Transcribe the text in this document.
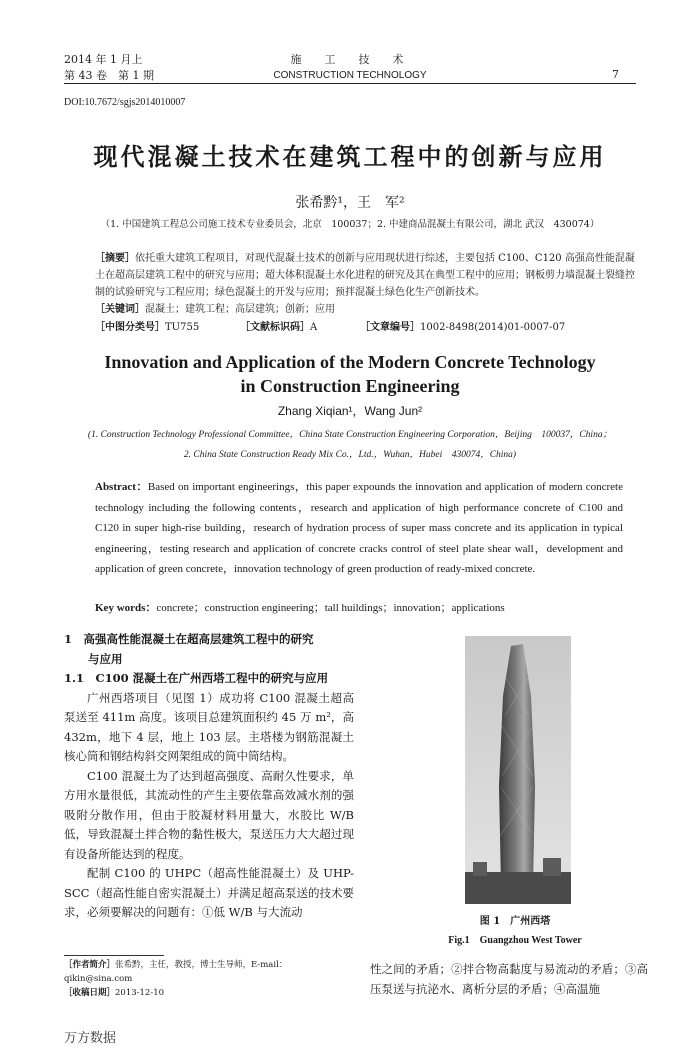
2014 年 1 月上
第 43 卷　第 1 期
施　工　技　术
CONSTRUCTION TECHNOLOGY	7
DOI:10.7672/sgjs2014010007
现代混凝土技术在建筑工程中的创新与应用
张希黔¹，王　军²
（1. 中国建筑工程总公司施工技术专业委员会，北京　100037；2. 中建商品混凝土有限公司，湖北 武汉　430074）

［摘要］依托重大建筑工程项目，对现代混凝土技术的创新与应用现状进行综述，主要包括 C100、C120 高强高性能混凝土在超高层建筑工程中的研究与应用；超大体积混凝土水化进程的研究及其在典型工程中的应用；钢板剪力墙混凝土裂缝控制的试验研究与工程应用；绿色混凝土的开发与应用；预拌混凝土绿色化生产创新技术。

［关键词］混凝土；建筑工程；高层建筑；创新；应用

［中图分类号］ TU755	［文献标识码］ A	［文章编号］ 1002-8498(2014)01-0007-07
Innovation and Application of the Modern Concrete Technology
in Construction Engineering
Zhang Xiqian¹，Wang Jun²
(1. Construction Technology Professional Committee，China State Construction Engineering Corporation，Beijing　100037，China；
2. China State Construction Ready Mix Co.，Ltd.，Wuhan，Hubei　430074，China)
Abstract：Based on important engineerings，this paper expounds the innovation and application of modern concrete technology including the following contents，research and application of high performance concrete of C100 and C120 in super high-rise building，research of hydration process of super mass concrete and its application in typical engineering，testing research and application of concrete cracks control of steel plate shear wall，development and application of green concrete，innovation technology of green production of ready-mixed concrete.
Key words：concrete；construction engineering；tall huildings；innovation；applications

1　高强高性能混凝土在超高层建筑工程中的研究

与应用

1.1　C100 混凝土在广州西塔工程中的研究与应用

广州西塔项目（见图 1）成功将 C100 混凝土超高泵送至 411m 高度。该项目总建筑面积约 45 万 m²，高 432m，地下 4 层，地上 103 层。主塔楼为钢筋混凝土核心筒和钢结构斜交网架组成的筒中筒结构。

C100 混凝土为了达到超高强度、高耐久性要求，单方用水量很低，其流动性的产生主要依靠高效减水剂的强吸附分散作用，但由于胶凝材料用量大，水胶比 W/B 低，导致混凝土拌合物的黏性极大，泵送压力大大超过现有设备所能达到的程度。

配制 C100 的 UHPC（超高性能混凝土）及 UHP-SCC（超高性能自密实混凝土）并满足超高泵送的技术要求，必须要解决的问题有：①低 W/B 与大流动

［作者简介］张希黔，主任，教授，博士生导师，E-mail：qikin@sina.com
［收稿日期］2013-12-10
图 1　广州西塔
Fig.1　Guangzhou West Tower
性之间的矛盾；②拌合物高黏度与易流动的矛盾；③高压泵送与抗泌水、离析分层的矛盾；④高温施
万方数据
